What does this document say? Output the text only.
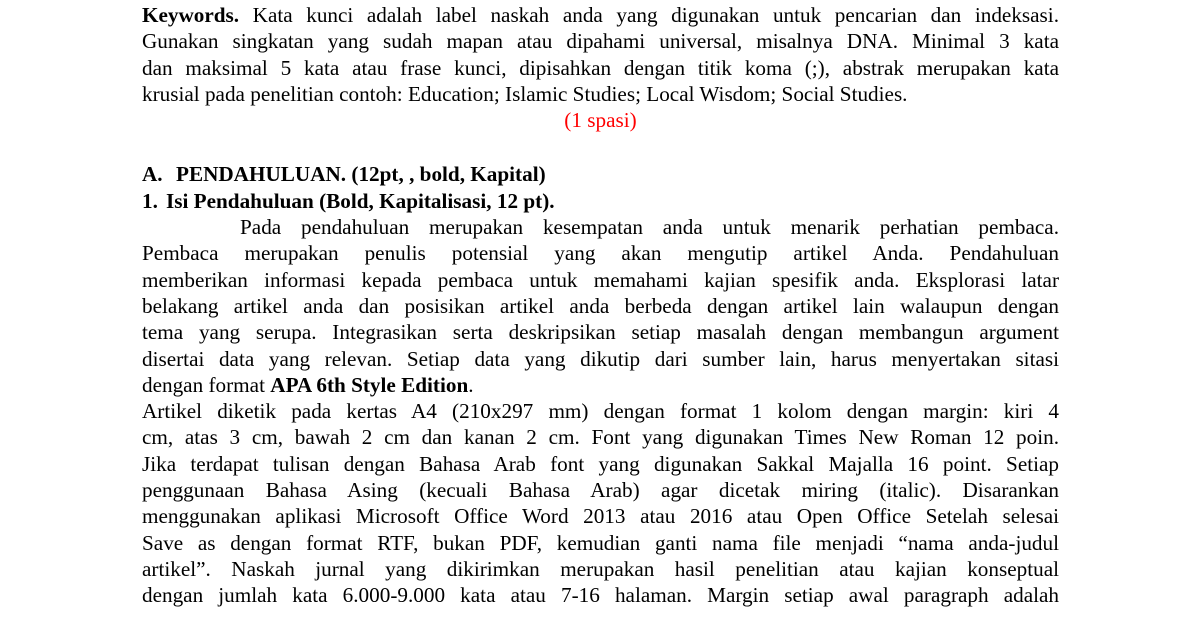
Keywords. Kata kunci adalah label naskah anda yang digunakan untuk pencarian dan indeksasi.
Gunakan singkatan yang sudah mapan atau dipahami universal, misalnya DNA. Minimal 3 kata
dan maksimal 5 kata atau frase kunci, dipisahkan dengan titik koma (;), abstrak merupakan kata
krusial pada penelitian contoh: Education; Islamic Studies; Local Wisdom; Social Studies.
(1 spasi)
A. PENDAHULUAN. (12pt, , bold, Kapital)
1. Isi Pendahuluan (Bold, Kapitalisasi, 12 pt).
Pada pendahuluan merupakan kesempatan anda untuk menarik perhatian pembaca.
Pembaca merupakan penulis potensial yang akan mengutip artikel Anda. Pendahuluan
memberikan informasi kepada pembaca untuk memahami kajian spesifik anda. Eksplorasi latar
belakang artikel anda dan posisikan artikel anda berbeda dengan artikel lain walaupun dengan
tema yang serupa. Integrasikan serta deskripsikan setiap masalah dengan membangun argument
disertai data yang relevan. Setiap data yang dikutip dari sumber lain, harus menyertakan sitasi
dengan format APA 6th Style Edition.
Artikel diketik pada kertas A4 (210x297 mm) dengan format 1 kolom dengan margin: kiri 4
cm, atas 3 cm, bawah 2 cm dan kanan 2 cm. Font yang digunakan Times New Roman 12 poin.
Jika terdapat tulisan dengan Bahasa Arab font yang digunakan Sakkal Majalla 16 point. Setiap
penggunaan Bahasa Asing (kecuali Bahasa Arab) agar dicetak miring (italic). Disarankan
menggunakan aplikasi Microsoft Office Word 2013 atau 2016 atau Open Office Setelah selesai
Save as dengan format RTF, bukan PDF, kemudian ganti nama file menjadi “nama anda-judul
artikel”. Naskah jurnal yang dikirimkan merupakan hasil penelitian atau kajian konseptual
dengan jumlah kata 6.000-9.000 kata atau 7-16 halaman. Margin setiap awal paragraph adalah
